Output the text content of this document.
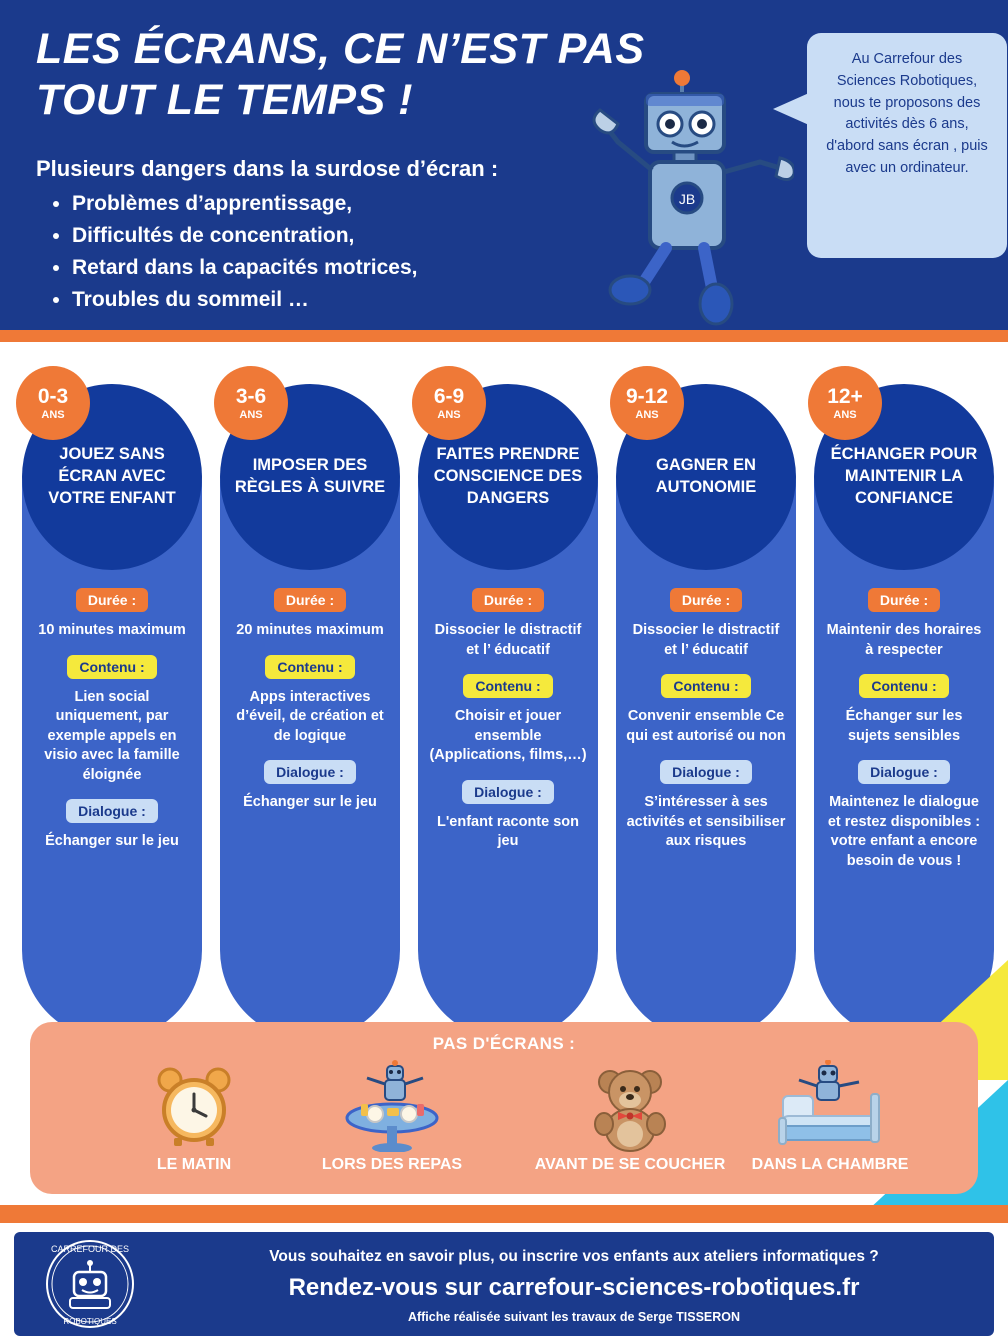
LES ÉCRANS, CE N’EST PAS TOUT LE TEMPS !
Plusieurs dangers dans la surdose d’écran :
• Problèmes d’apprentissage,
• Difficultés de concentration,
• Retard dans la capacités motrices,
• Troubles du sommeil …
JB
Au Carrefour des Sciences Robotiques, nous te proposons des activités dès 6 ans, d'abord sans écran , puis avec un ordinateur.
JOUEZ SANS ÉCRAN AVEC VOTRE ENFANT
0-3
ANS
Durée :
10 minutes maximum
Contenu :
Lien social uniquement, par exemple appels en visio avec la famille éloignée
Dialogue :
Échanger sur le jeu
IMPOSER DES RÈGLES À SUIVRE
3-6
ANS
Durée :
20 minutes maximum
Contenu :
Apps interactives d’éveil, de création et de logique
Dialogue :
Échanger sur le jeu
FAITES PRENDRE CONSCIENCE DES DANGERS
6-9
ANS
Durée :
Dissocier le distractif et l’ éducatif
Contenu :
Choisir et jouer ensemble (Applications, films,…)
Dialogue :
L'enfant raconte son jeu
GAGNER EN AUTONOMIE
9-12
ANS
Durée :
Dissocier le distractif et l’ éducatif
Contenu :
Convenir ensemble Ce qui est autorisé ou non
Dialogue :
S’intéresser à ses activités et sensibiliser aux risques
ÉCHANGER POUR MAINTENIR LA CONFIANCE
12+
ANS
Durée :
Maintenir des horaires à respecter
Contenu :
Échanger sur les sujets sensibles
Dialogue :
Maintenez le dialogue et restez disponibles : votre enfant a encore besoin de vous !
PAS D'ÉCRANS :
LE MATIN	LORS DES REPAS	AVANT DE SE COUCHER	DANS LA CHAMBRE
CARREFOUR DES
ROBOTIQUES
Vous souhaitez en savoir plus, ou inscrire vos enfants aux ateliers informatiques ?
Rendez-vous sur carrefour-sciences-robotiques.fr
Affiche réalisée suivant les travaux de Serge TISSERON
